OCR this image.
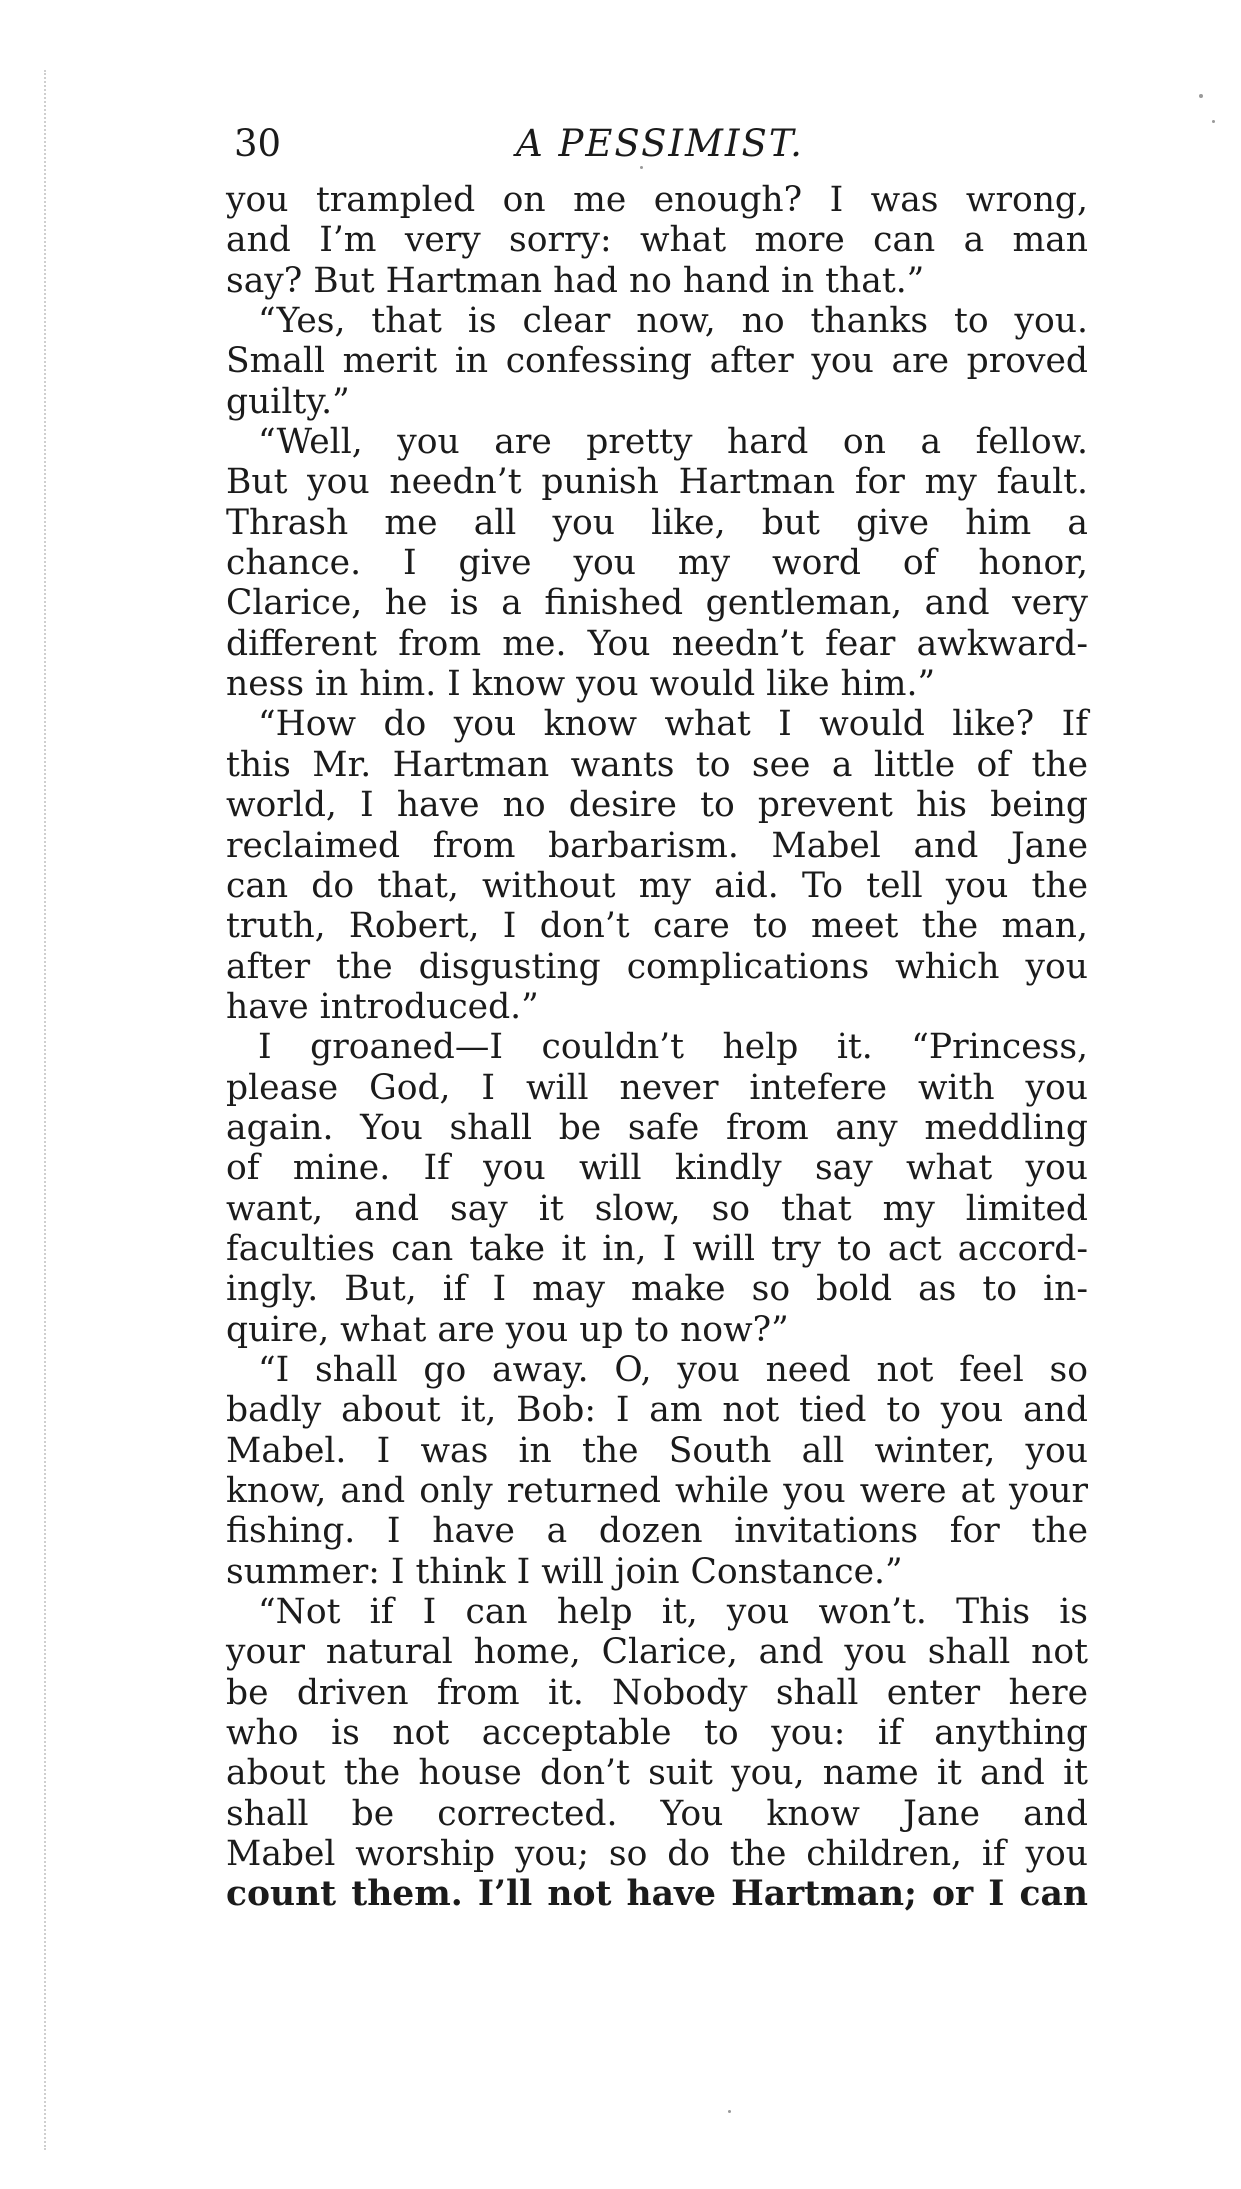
30	A PESSIMIST.
you trampled on me enough? I was wrong,
and I’m very sorry: what more can a man
say? But Hartman had no hand in that.”
“Yes, that is clear now, no thanks to you.
Small merit in confessing after you are proved
guilty.”
“Well, you are pretty hard on a fellow.
But you needn’t punish Hartman for my fault.
Thrash me all you like, but give him a
chance. I give you my word of honor,
Clarice, he is a finished gentleman, and very
different from me. You needn’t fear awkward-
ness in him. I know you would like him.”
“How do you know what I would like? If
this Mr. Hartman wants to see a little of the
world, I have no desire to prevent his being
reclaimed from barbarism. Mabel and Jane
can do that, without my aid. To tell you the
truth, Robert, I don’t care to meet the man,
after the disgusting complications which you
have introduced.”
I groaned—I couldn’t help it. “Princess,
please God, I will never intefere with you
again. You shall be safe from any meddling
of mine. If you will kindly say what you
want, and say it slow, so that my limited
faculties can take it in, I will try to act accord-
ingly. But, if I may make so bold as to in-
quire, what are you up to now?”
“I shall go away. O, you need not feel so
badly about it, Bob: I am not tied to you and
Mabel. I was in the South all winter, you
know, and only returned while you were at your
fishing. I have a dozen invitations for the
summer: I think I will join Constance.”
“Not if I can help it, you won’t. This is
your natural home, Clarice, and you shall not
be driven from it. Nobody shall enter here
who is not acceptable to you: if anything
about the house don’t suit you, name it and it
shall be corrected. You know Jane and
Mabel worship you; so do the children, if you
count them. I’ll not have Hartman; or I can
